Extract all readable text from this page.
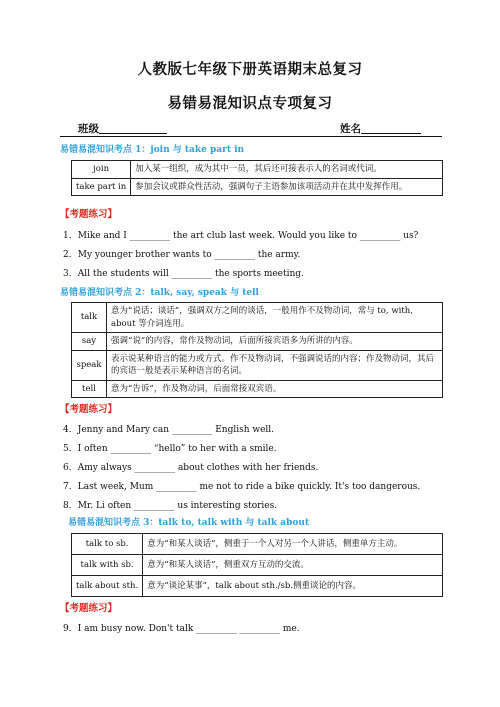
人教版七年级下册英语期末总复习
易错易混知识点专项复习
班级	姓名
易错易混知识考点 1：join 与 take part in
join	加入某一组织，成为其中一员，其后还可接表示人的名词或代词。
take part in	参加会议或群众性活动，强调句子主语参加该项活动并在其中发挥作用。
【考题练习】
1．Mike and I _________ the art club last week. Would you like to _________ us?
2．My younger brother wants to _________ the army.
3．All the students will _________ the sports meeting.
易错易混知识考点 2：talk, say, speak 与 tell
talk	意为“说话；谈话”，强调双方之间的谈话，一般用作不及物动词，常与 to, with, about 等介词连用。
say	强调“说”的内容，常作及物动词，后面所接宾语多为所讲的内容。
speak	表示说某种语言的能力或方式。作不及物动词，不强调说话的内容；作及物动词，其后的宾语一般是表示某种语言的名词。
tell	意为“告诉”，作及物动词，后面常接双宾语。
【考题练习】
4．Jenny and Mary can _________ English well.
5．I often _________ “hello” to her with a smile.
6．Amy always _________ about clothes with her friends.
7．Last week, Mum _________ me not to ride a bike quickly. It's too dangerous.
8．Mr. Li often _________ us interesting stories.
易错易混知识考点 3：talk to, talk with 与 talk about
talk to sb.	意为“和某人谈话”，侧重于一个人对另一个人讲话，侧重单方主动。
talk with sb.	意为“和某人谈话”，侧重双方互动的交流。
talk about sth.	意为“谈论某事”，talk about sth./sb.侧重谈论的内容。
【考题练习】
9．I am busy now. Don't talk _________ _________ me.
